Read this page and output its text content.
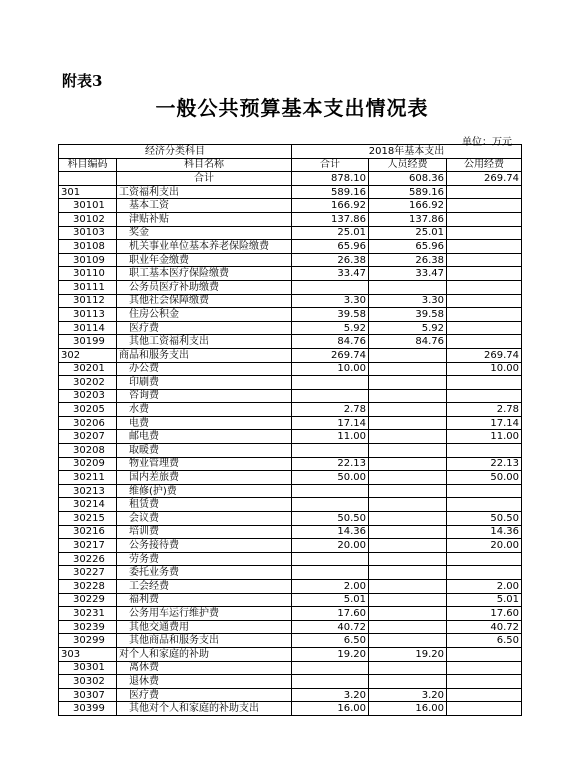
附表3
一般公共预算基本支出情况表
单位：万元
经济分类科目		2018年基本支出		
科目编码	科目名称	合计	人员经费	公用经费
	合计	878.10	608.36	269.74
301	工资福利支出	589.16	589.16	
30101	基本工资	166.92	166.92	
30102	津贴补贴	137.86	137.86	
30103	奖金	25.01	25.01	
30108	机关事业单位基本养老保险缴费	65.96	65.96	
30109	职业年金缴费	26.38	26.38	
30110	职工基本医疗保险缴费	33.47	33.47	
30111	公务员医疗补助缴费			
30112	其他社会保障缴费	3.30	3.30	
30113	住房公积金	39.58	39.58	
30114	医疗费	5.92	5.92	
30199	其他工资福利支出	84.76	84.76	
302	商品和服务支出	269.74		269.74
30201	办公费	10.00		10.00
30202	印刷费			
30203	咨询费			
30205	水费	2.78		2.78
30206	电费	17.14		17.14
30207	邮电费	11.00		11.00
30208	取暖费			
30209	物业管理费	22.13		22.13
30211	国内差旅费	50.00		50.00
30213	维修(护)费			
30214	租赁费			
30215	会议费	50.50		50.50
30216	培训费	14.36		14.36
30217	公务接待费	20.00		20.00
30226	劳务费			
30227	委托业务费			
30228	工会经费	2.00		2.00
30229	福利费	5.01		5.01
30231	公务用车运行维护费	17.60		17.60
30239	其他交通费用	40.72		40.72
30299	其他商品和服务支出	6.50		6.50
303	对个人和家庭的补助	19.20	19.20	
30301	离休费			
30302	退休费			
30307	医疗费	3.20	3.20	
30399	其他对个人和家庭的补助支出	16.00	16.00	
